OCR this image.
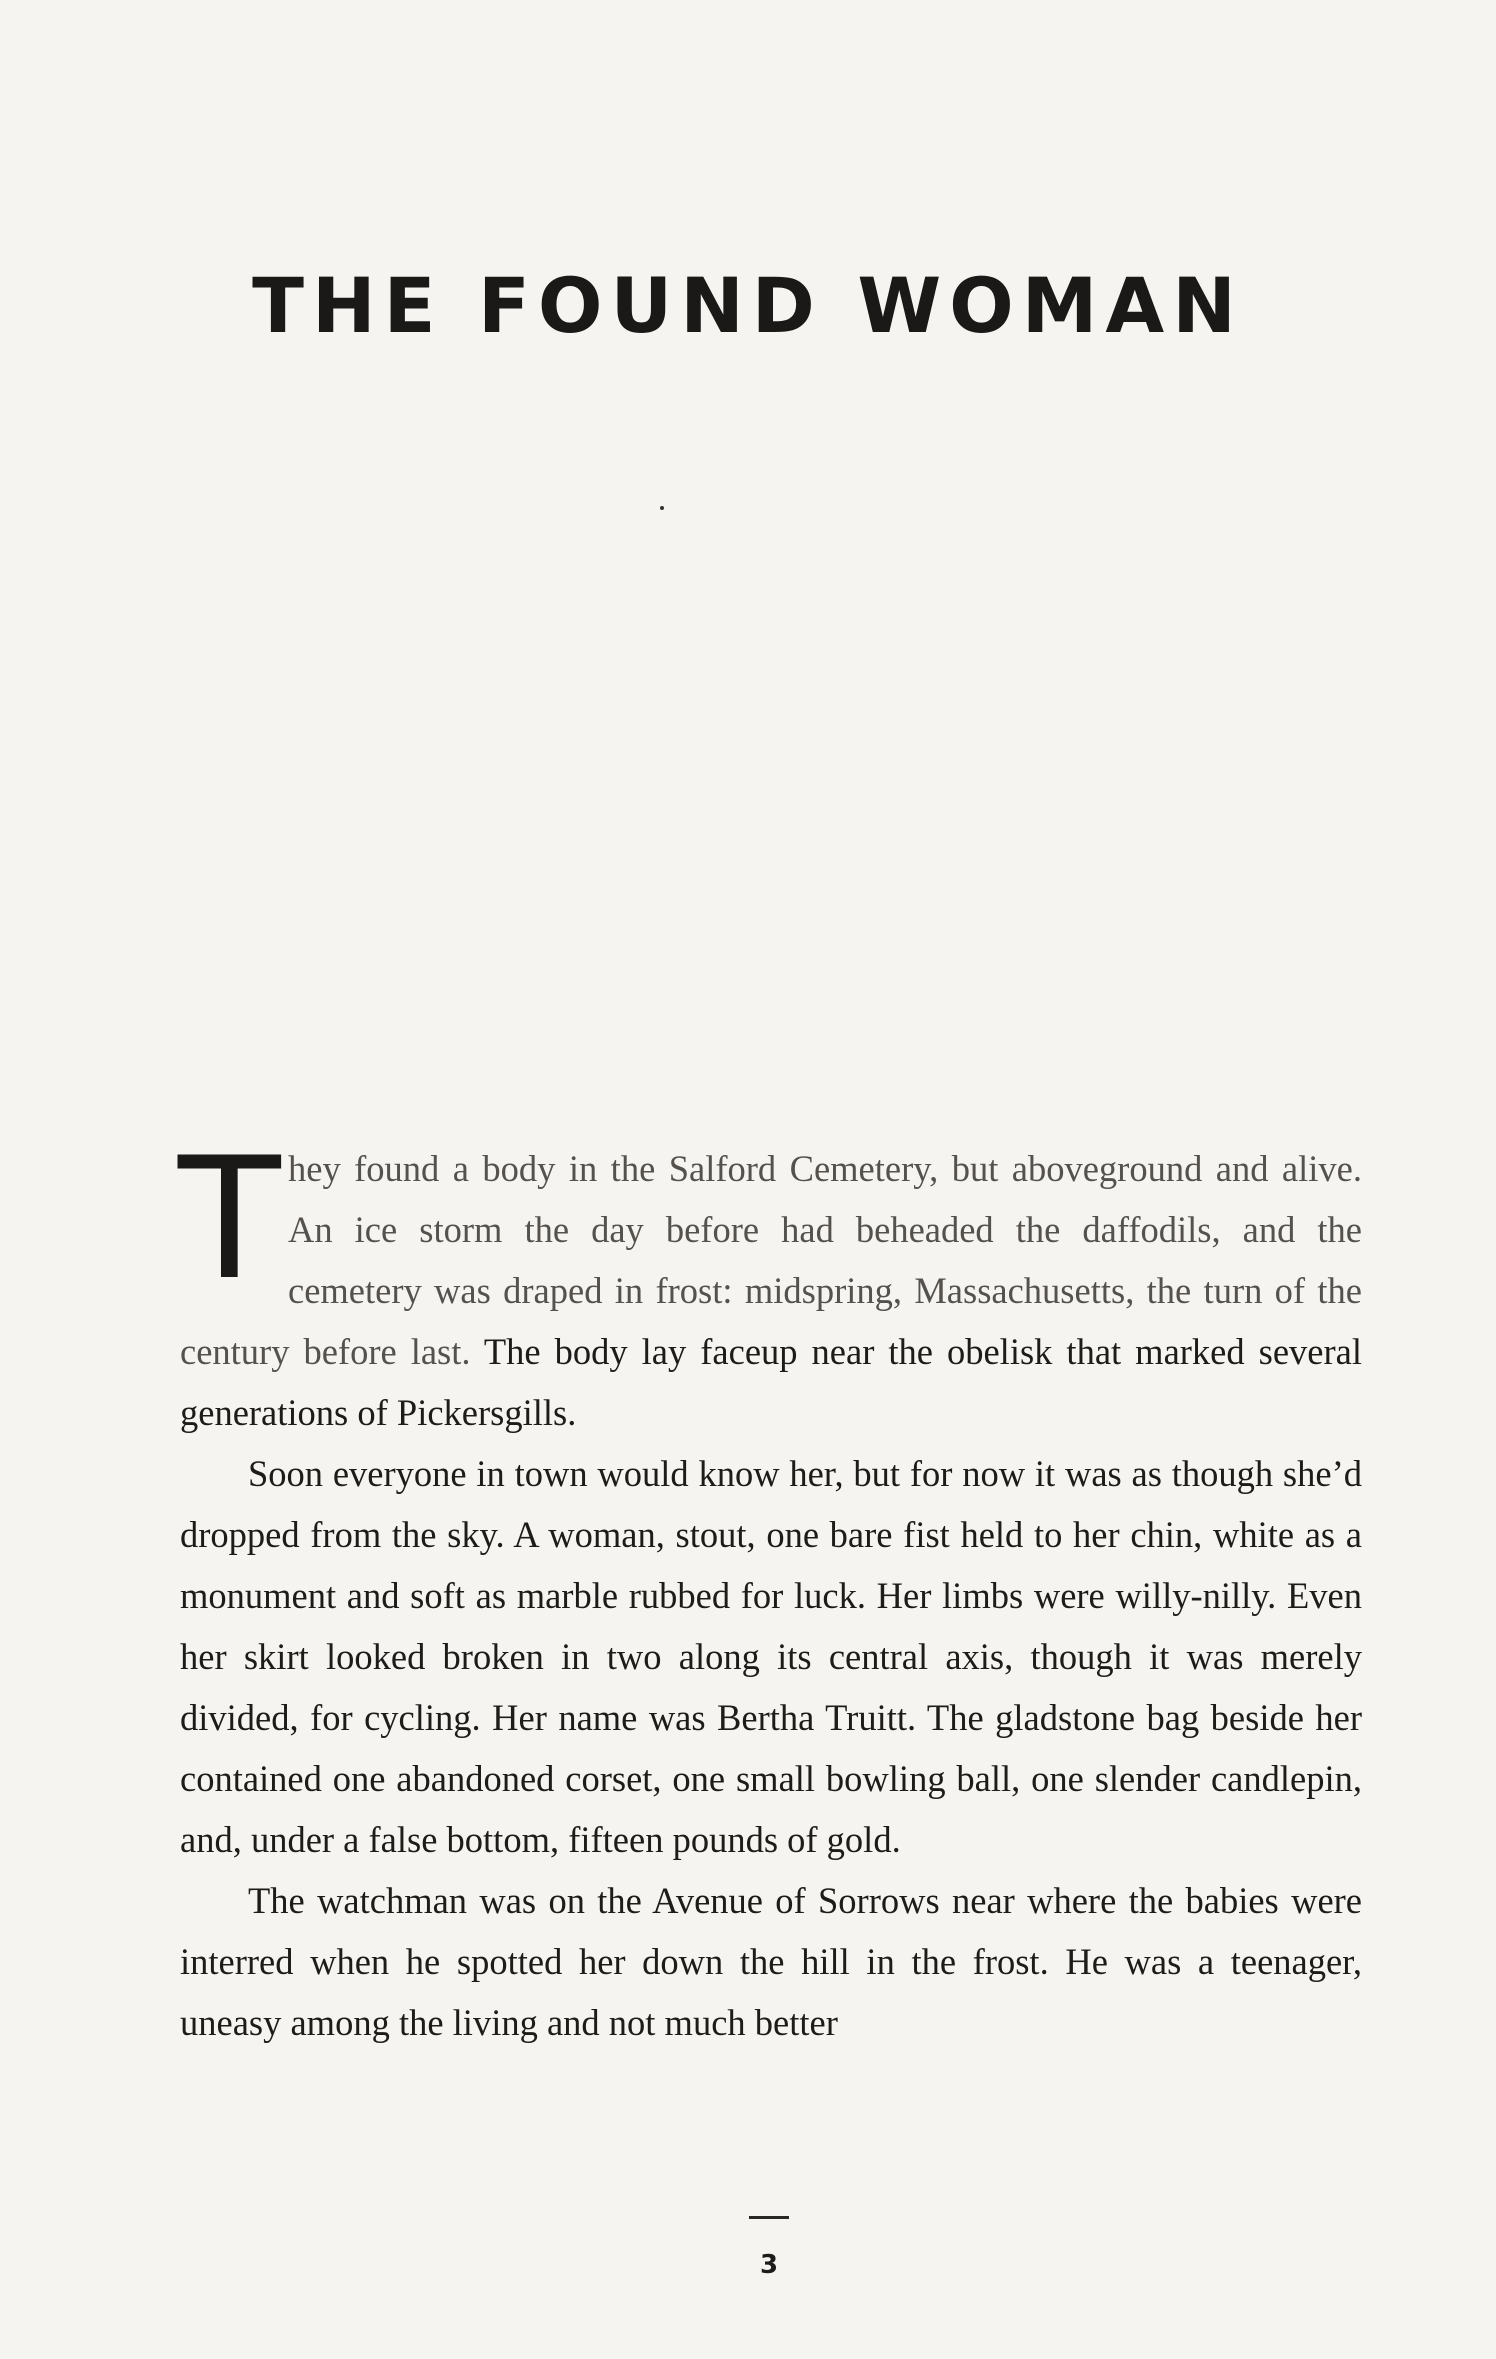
THE FOUND WOMAN

They found a body in the Salford Cemetery, but aboveground and alive. An ice storm the day before had beheaded the daffodils, and the cemetery was draped in frost: midspring, Massachusetts, the turn of the century before last. The body lay faceup near the obelisk that marked several generations of Pickersgills.

Soon everyone in town would know her, but for now it was as though she’d dropped from the sky. A woman, stout, one bare fist held to her chin, white as a monument and soft as marble rubbed for luck. Her limbs were willy-nilly. Even her skirt looked broken in two along its central axis, though it was merely divided, for cycling. Her name was Bertha Truitt. The gladstone bag beside her contained one abandoned corset, one small bowling ball, one slender candlepin, and, under a false bottom, fifteen pounds of gold.

The watchman was on the Avenue of Sorrows near where the babies were interred when he spotted her down the hill in the frost. He was a teenager, uneasy among the living and not much better

3
